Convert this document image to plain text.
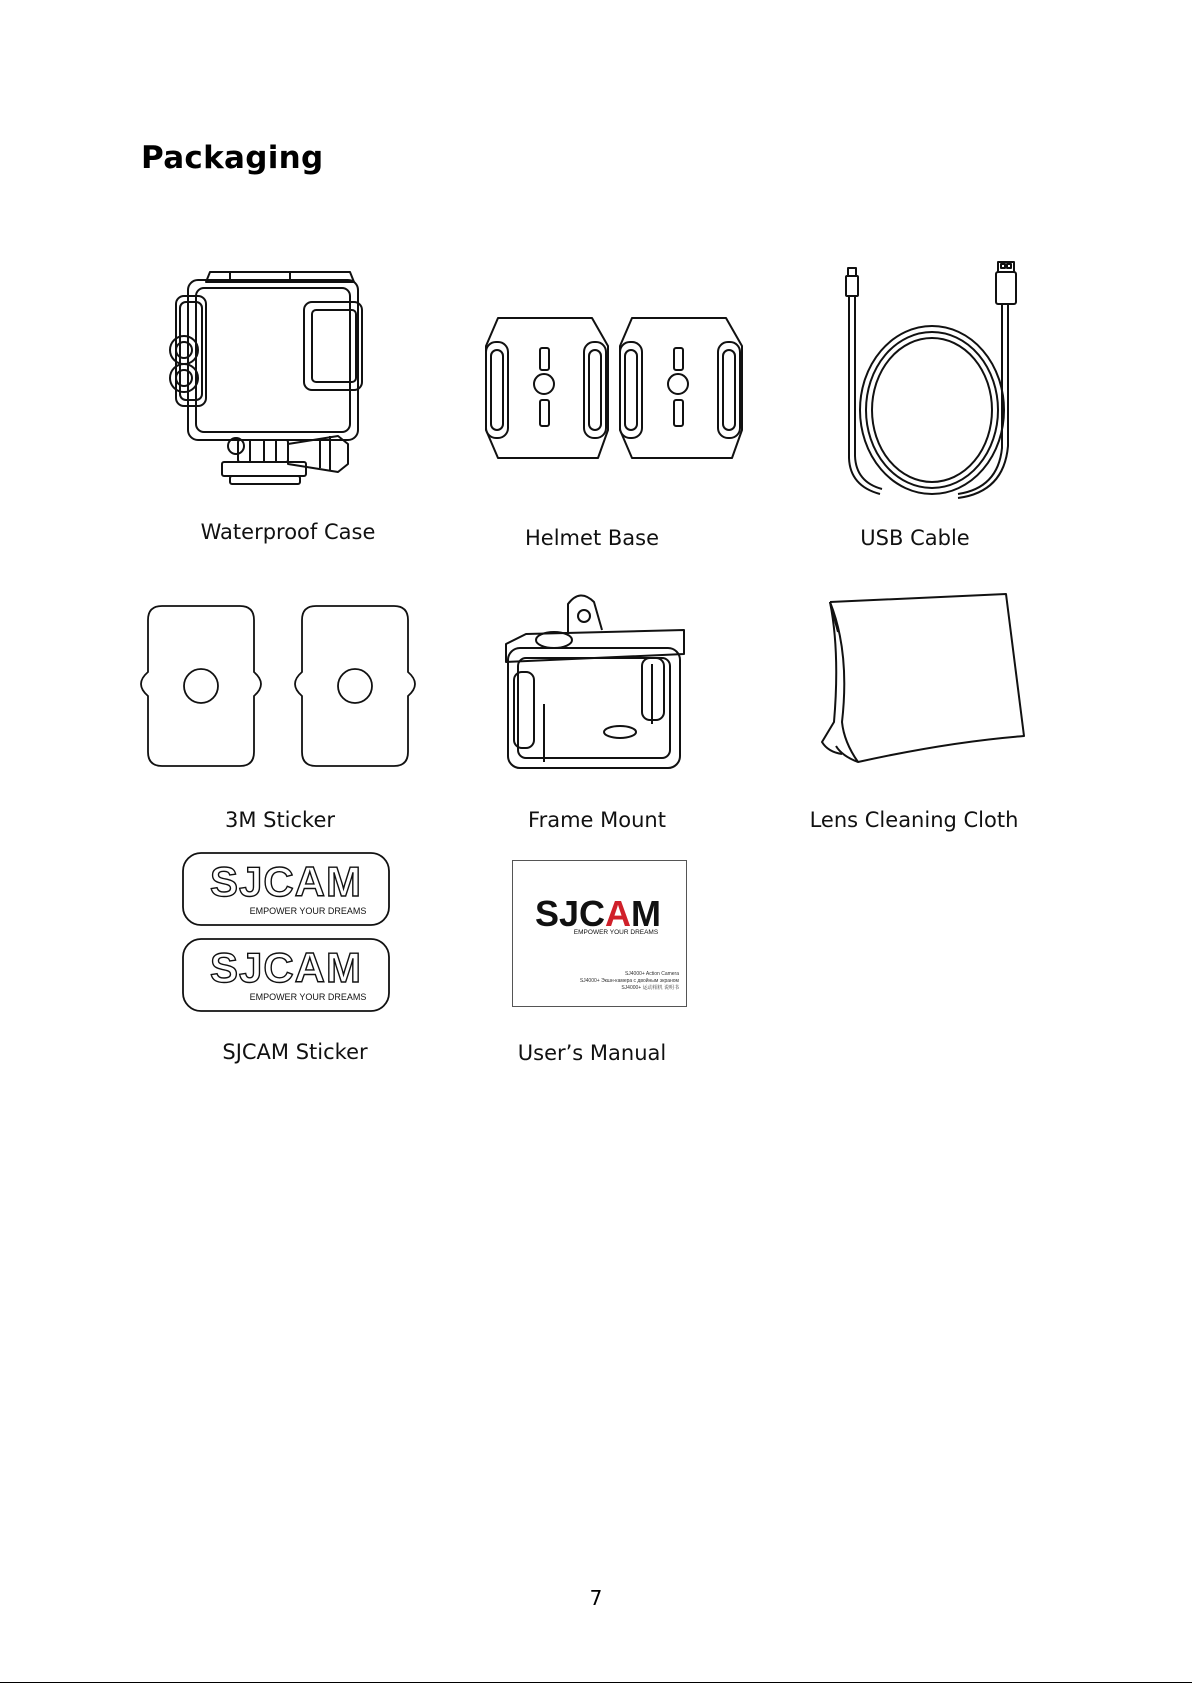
Packaging
Waterproof Case	Helmet Base	USB Cable
3M Sticker	Frame Mount	Lens Cleaning Cloth
SJCAM
EMPOWER YOUR DREAMS
SJCAM
EMPOWER YOUR DREAMS
SJCAM Sticker
SJCAM
EMPOWER YOUR DREAMS
SJ4000+ Action Camera
SJ4000+ Экшн-камера с двойным экраном
SJ4000+ 运动相机 说明书
User’s Manual
7
